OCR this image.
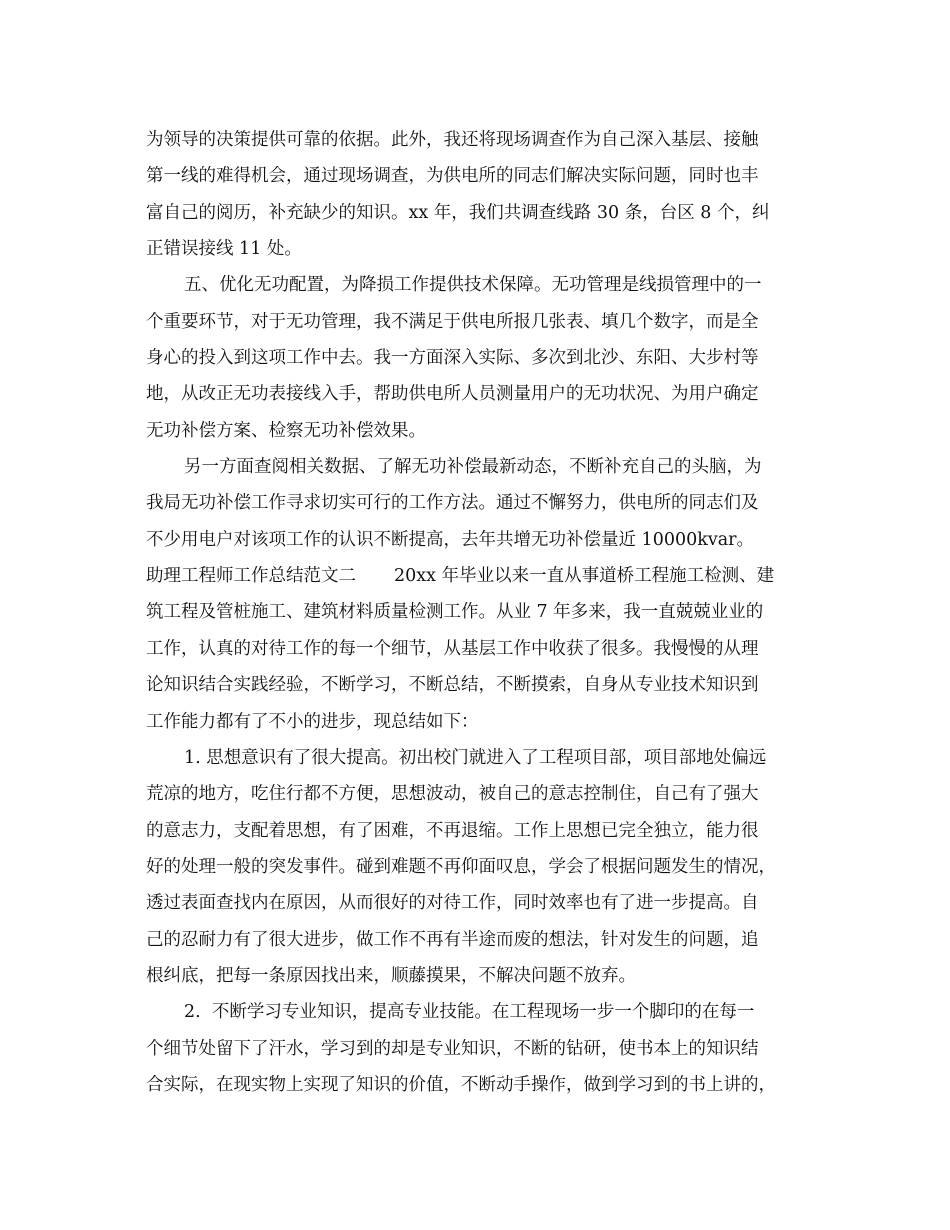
为领导的决策提供可靠的依据。此外，我还将现场调查作为自己深入基层、接触
第一线的难得机会，通过现场调查，为供电所的同志们解决实际问题，同时也丰
富自己的阅历，补充缺少的知识。xx 年，我们共调查线路 30 条，台区 8 个，纠
正错误接线 11 处。
五、优化无功配置，为降损工作提供技术保障。无功管理是线损管理中的一
个重要环节，对于无功管理，我不满足于供电所报几张表、填几个数字，而是全
身心的投入到这项工作中去。我一方面深入实际、多次到北沙、东阳、大步村等
地，从改正无功表接线入手，帮助供电所人员测量用户的无功状况、为用户确定
无功补偿方案、检察无功补偿效果。
另一方面查阅相关数据、了解无功补偿最新动态，不断补充自己的头脑，为
我局无功补偿工作寻求切实可行的工作方法。通过不懈努力，供电所的同志们及
不少用电户对该项工作的认识不断提高，去年共增无功补偿量近 10000kvar。
助理工程师工作总结范文二 20xx 年毕业以来一直从事道桥工程施工检测、建
筑工程及管桩施工、建筑材料质量检测工作。从业 7 年多来，我一直兢兢业业的
工作，认真的对待工作的每一个细节，从基层工作中收获了很多。我慢慢的从理
论知识结合实践经验，不断学习，不断总结，不断摸索，自身从专业技术知识到
工作能力都有了不小的进步，现总结如下：
1. 思想意识有了很大提高。初出校门就进入了工程项目部，项目部地处偏远
荒凉的地方，吃住行都不方便，思想波动，被自己的意志控制住，自己有了强大
的意志力，支配着思想，有了困难，不再退缩。工作上思想已完全独立，能力很
好的处理一般的突发事件。碰到难题不再仰面叹息，学会了根据问题发生的情况，
透过表面查找内在原因，从而很好的对待工作，同时效率也有了进一步提高。自
己的忍耐力有了很大进步，做工作不再有半途而废的想法，针对发生的问题，追
根纠底，把每一条原因找出来，顺藤摸果，不解决问题不放弃。
2.  不断学习专业知识，提高专业技能。在工程现场一步一个脚印的在每一
个细节处留下了汗水，学习到的却是专业知识，不断的钻研，使书本上的知识结
合实际，在现实物上实现了知识的价值，不断动手操作，做到学习到的书上讲的，
